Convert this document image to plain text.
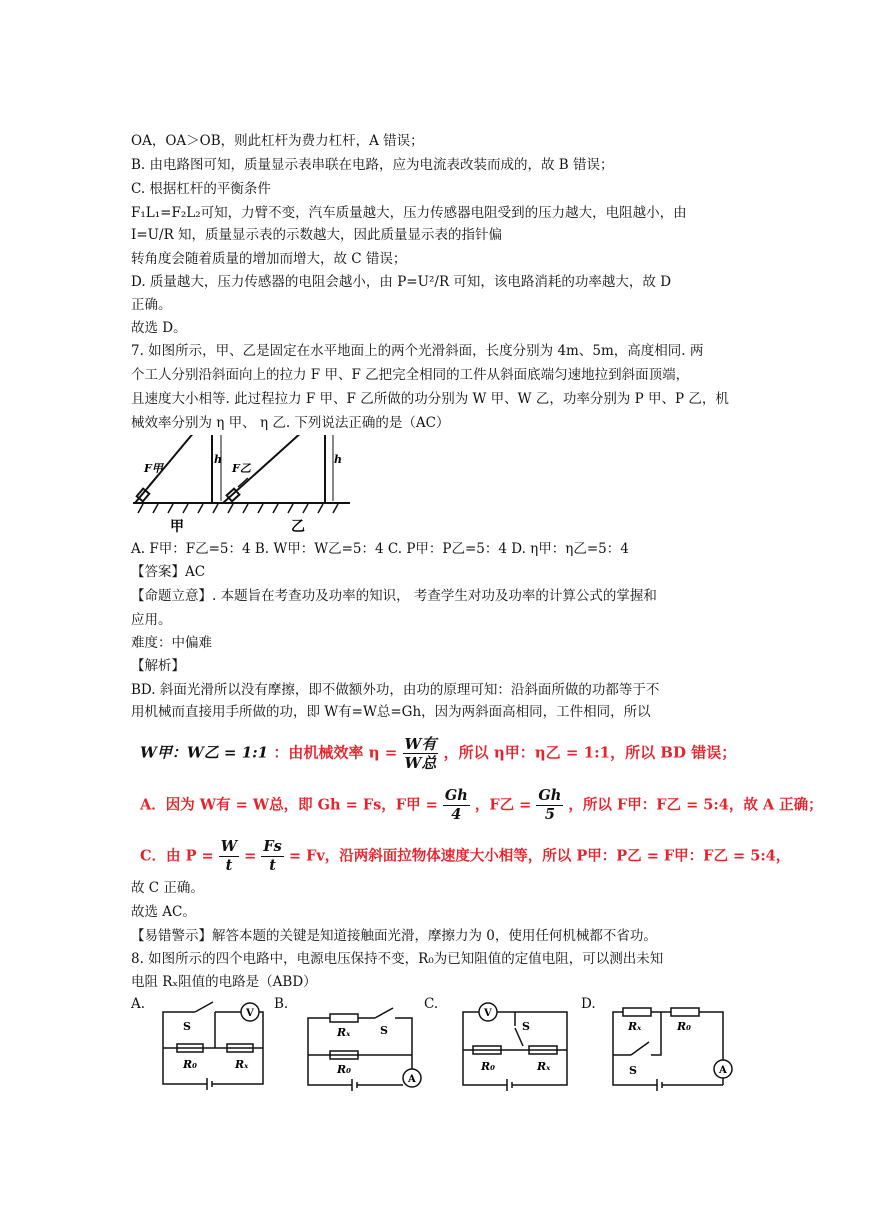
OA，OA＞OB，则此杠杆为费力杠杆，A 错误；
B. 由电路图可知，质量显示表串联在电路，应为电流表改装而成的，故 B 错误；
C. 根据杠杆的平衡条件
F₁L₁=F₂L₂可知，力臂不变，汽车质量越大，压力传感器电阻受到的压力越大，电阻越小，由
I=U/R 知，质量显示表的示数越大，因此质量显示表的指针偏
转角度会随着质量的增加而增大，故 C 错误；
D. 质量越大，压力传感器的电阻会越小，由 P=U²/R 可知，该电路消耗的功率越大，故 D
正确。
故选 D。
7. 如图所示，甲、乙是固定在水平地面上的两个光滑斜面，长度分别为 4m、5m，高度相同. 两
个工人分别沿斜面向上的拉力 F 甲、F 乙把完全相同的工件从斜面底端匀速地拉到斜面顶端，
且速度大小相等. 此过程拉力 F 甲、F 乙所做的功分别为 W 甲、W 乙，功率分别为 P 甲、P 乙，机
械效率分别为 η 甲、 η 乙. 下列说法正确的是（AC）
F甲	F乙
h	h
甲	乙
A. F甲：F乙=5：4 B. W甲：W乙=5：4 C. P甲：P乙=5：4 D. η甲：η乙=5：4
【答案】AC
【命题立意】. 本题旨在考查功及功率的知识， 考查学生对功及功率的计算公式的掌握和
应用。
难度：中偏难
【解析】
BD. 斜面光滑所以没有摩擦，即不做额外功，由功的原理可知：沿斜面所做的功都等于不
用机械而直接用手所做的功，即 W有=W总=Gh，因为两斜面高相同，工件相同，所以
W甲：W乙 = 1:1 ：由机械效率 $\eta = \frac{\text{W有}}{\text{W总}}$ ，所以 η甲：η乙 = 1:1，所以 BD 错误；
A．因为 W有 = W总，即 Gh = Fs，F甲 = $\frac{Gh}{4}$ ，F乙 = $\frac{Gh}{5}$ ，所以 F甲：F乙 = 5:4，故 A 正确；
C．由 $P = \frac{W}{t} = \frac{Fs}{t} = Fv$，沿两斜面拉物体速度大小相等，所以 P甲：P乙 = F甲：F乙 = 5:4，
故 C 正确。
故选 AC。
【易错警示】解答本题的关键是知道接触面光滑，摩擦力为 0，使用任何机械都不省功。
8. 如图所示的四个电路中，电源电压保持不变，R₀为已知阻值的定值电阻，可以测出未知
电阻 Rₓ阻值的电路是（ABD）
A.	B.	C.	D.
S
V
R₀	Rₓ
S
A
Rₓ
R₀
V
S
R₀	Rₓ
Rₓ	R₀
S	A
